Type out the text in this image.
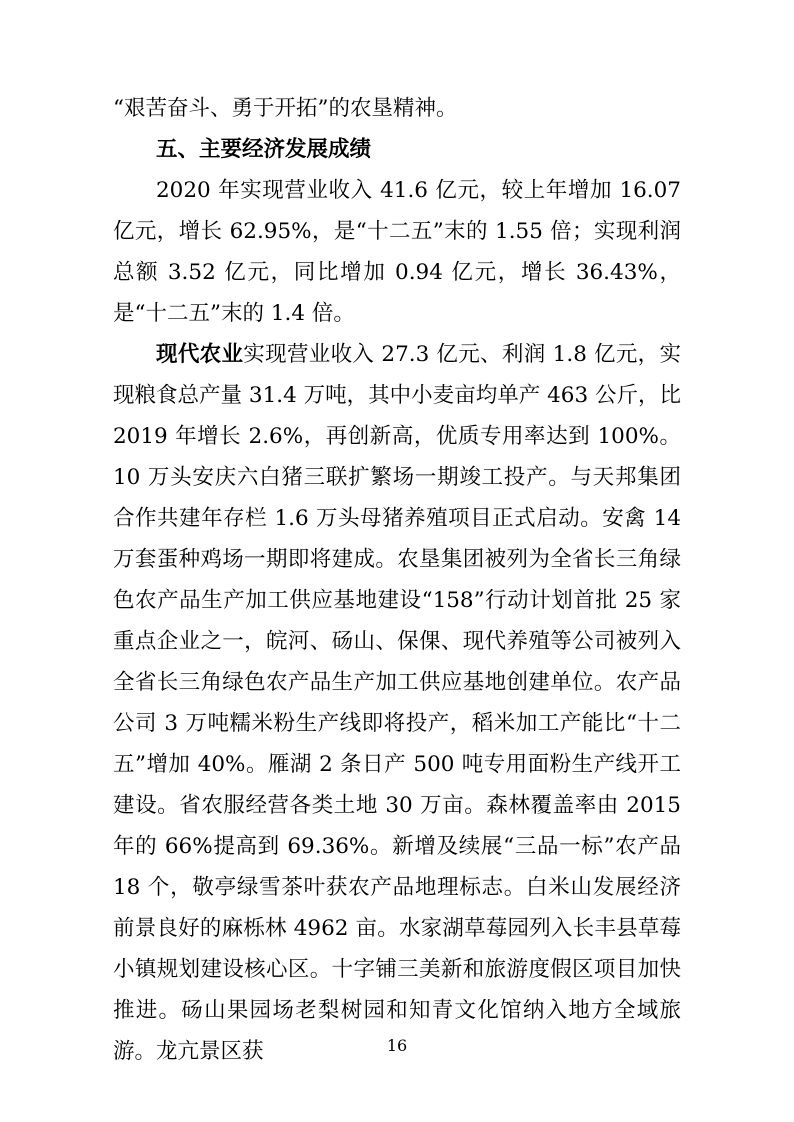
“艰苦奋斗、勇于开拓”的农垦精神。

五、主要经济发展成绩

2020 年实现营业收入 41.6 亿元，较上年增加 16.07 亿元，增长 62.95%，是“十二五”末的 1.55 倍；实现利润总额 3.52 亿元，同比增加 0.94 亿元，增长 36.43%，是“十二五”末的 1.4 倍。

现代农业实现营业收入 27.3 亿元、利润 1.8 亿元，实现粮食总产量 31.4 万吨，其中小麦亩均单产 463 公斤，比 2019 年增长 2.6%，再创新高，优质专用率达到 100%。10 万头安庆六白猪三联扩繁场一期竣工投产。与天邦集团合作共建年存栏 1.6 万头母猪养殖项目正式启动。安禽 14 万套蛋种鸡场一期即将建成。农垦集团被列为全省长三角绿色农产品生产加工供应基地建设“158”行动计划首批 25 家重点企业之一，皖河、砀山、保倮、现代养殖等公司被列入全省长三角绿色农产品生产加工供应基地创建单位。农产品公司 3 万吨糯米粉生产线即将投产，稻米加工产能比“十二五”增加 40%。雁湖 2 条日产 500 吨专用面粉生产线开工建设。省农服经营各类土地 30 万亩。森林覆盖率由 2015 年的 66%提高到 69.36%。新增及续展“三品一标”农产品 18 个，敬亭绿雪茶叶获农产品地理标志。白米山发展经济前景良好的麻栎林 4962 亩。水家湖草莓园列入长丰县草莓小镇规划建设核心区。十字铺三美新和旅游度假区项目加快推进。砀山果园场老梨树园和知青文化馆纳入地方全域旅游。龙亢景区获	16
